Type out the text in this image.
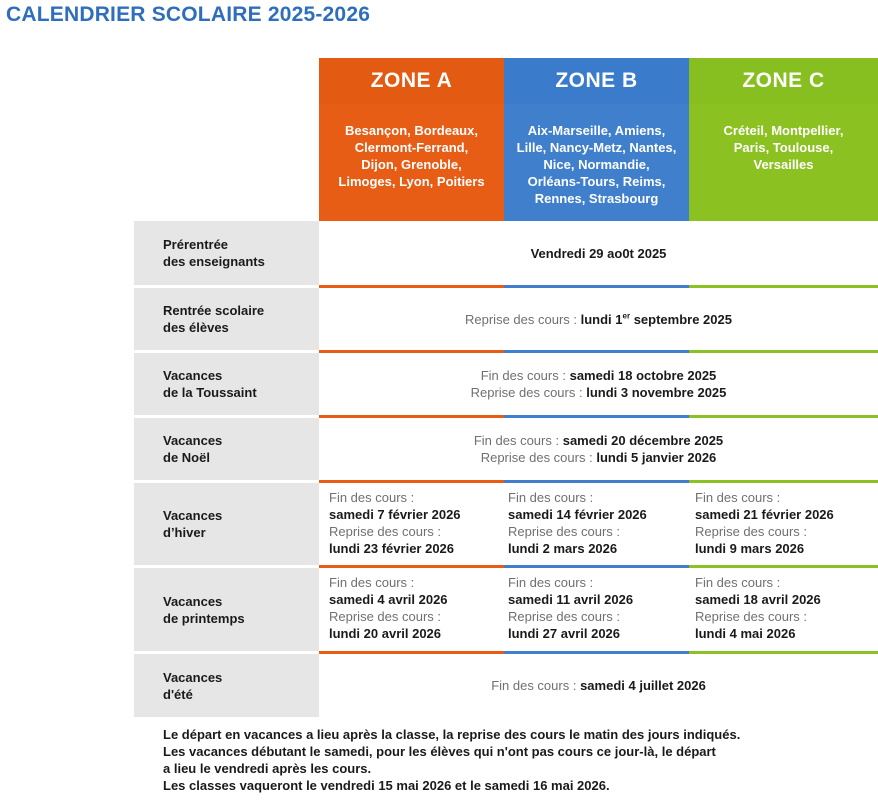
CALENDRIER SCOLAIRE 2025-2026
ZONE A	ZONE B	ZONE C
Besançon, Bordeaux,
Clermont-Ferrand,
Dijon, Grenoble,
Limoges, Lyon, Poitiers
Aix-Marseille, Amiens,
Lille, Nancy-Metz, Nantes,
Nice, Normandie,
Orléans-Tours, Reims,
Rennes, Strasbourg
Créteil, Montpellier,
Paris, Toulouse,
Versailles
Prérentrée
des enseignants
Vendredi 29 ao0t 2025
Rentrée scolaire
des élèves
Reprise des cours : lundi 1er septembre 2025
Vacances
de la Toussaint
Fin des cours : samedi 18 octobre 2025
Reprise des cours : lundi 3 novembre 2025
Vacances
de Noël
Fin des cours : samedi 20 décembre 2025
Reprise des cours : lundi 5 janvier 2026
Vacances
d’hiver
Fin des cours :
samedi 7 février 2026
Reprise des cours :
lundi 23 février 2026
Fin des cours :
samedi 14 février 2026
Reprise des cours :
lundi 2 mars 2026
Fin des cours :
samedi 21 février 2026
Reprise des cours :
lundi 9 mars 2026
Vacances
de printemps
Fin des cours :
samedi 4 avril 2026
Reprise des cours :
lundi 20 avril 2026
Fin des cours :
samedi 11 avril 2026
Reprise des cours :
lundi 27 avril 2026
Fin des cours :
samedi 18 avril 2026
Reprise des cours :
lundi 4 mai 2026
Vacances
d'été
Fin des cours : samedi 4 juillet 2026
Le départ en vacances a lieu après la classe, la reprise des cours le matin des jours indiqués.
Les vacances débutant le samedi, pour les élèves qui n'ont pas cours ce jour-là, le départ
a lieu le vendredi après les cours.
Les classes vaqueront le vendredi 15 mai 2026 et le samedi 16 mai 2026.
